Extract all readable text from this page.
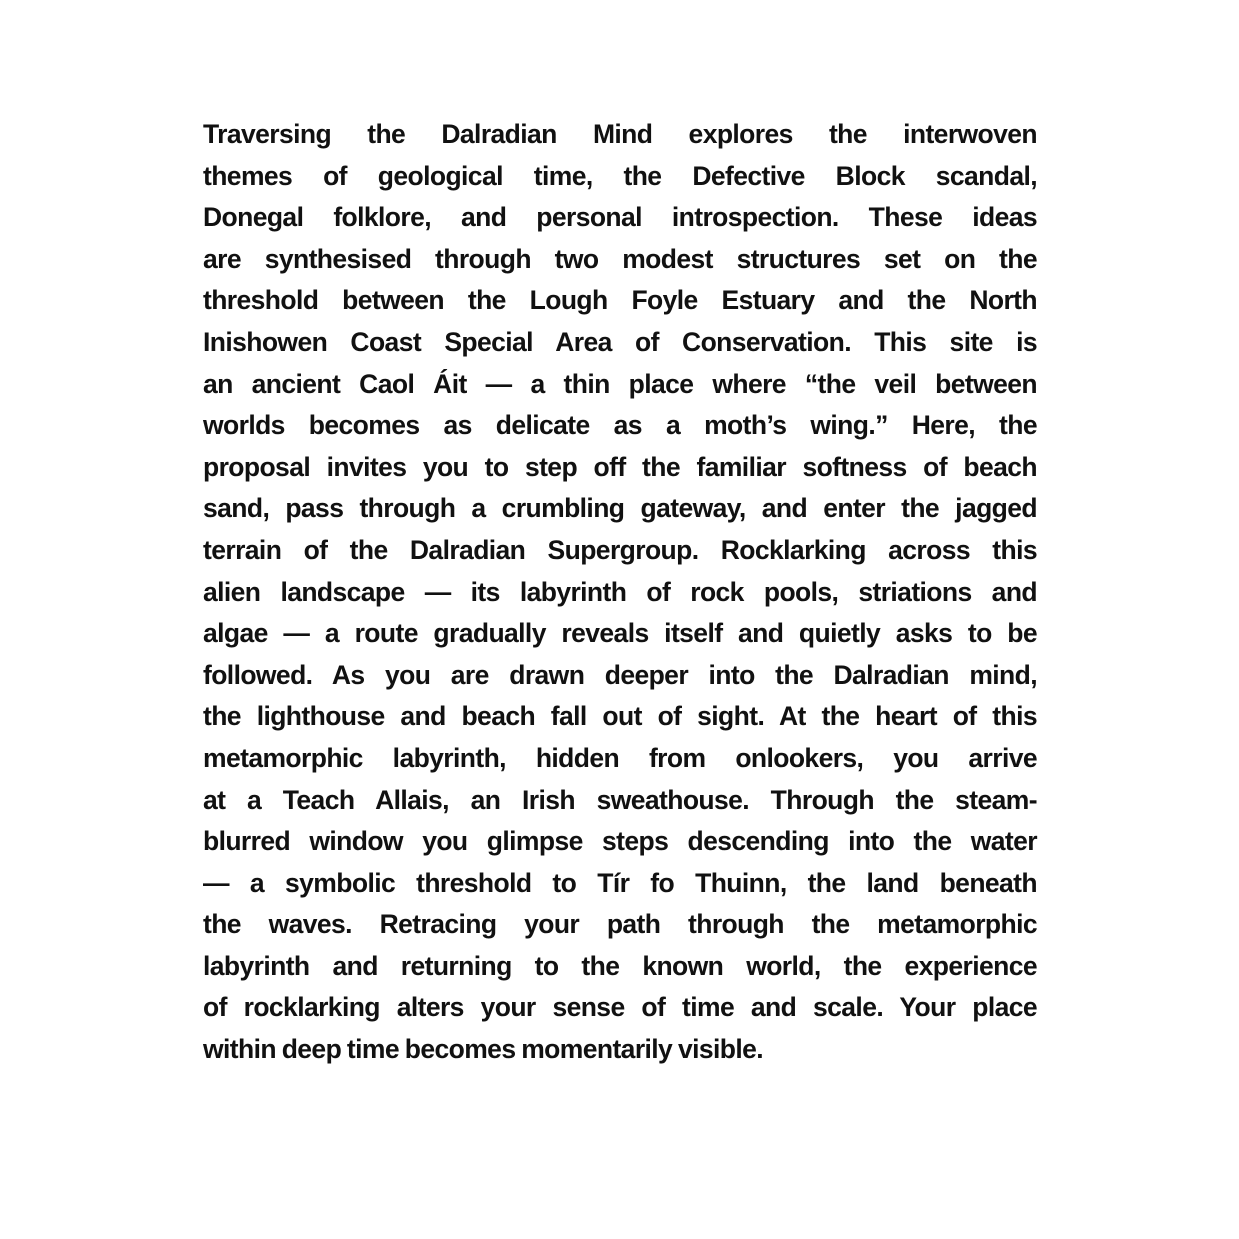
Traversing the Dalradian Mind explores the interwoven
themes of geological time, the Defective Block scandal,
Donegal folklore, and personal introspection. These ideas
are synthesised through two modest structures set on the
threshold between the Lough Foyle Estuary and the North
Inishowen Coast Special Area of Conservation. This site is
an ancient Caol Áit — a thin place where “the veil between
worlds becomes as delicate as a moth’s wing.” Here, the
proposal invites you to step off the familiar softness of beach
sand, pass through a crumbling gateway, and enter the jagged
terrain of the Dalradian Supergroup. Rocklarking across this
alien landscape — its labyrinth of rock pools, striations and
algae — a route gradually reveals itself and quietly asks to be
followed. As you are drawn deeper into the Dalradian mind,
the lighthouse and beach fall out of sight. At the heart of this
metamorphic labyrinth, hidden from onlookers, you arrive
at a Teach Allais, an Irish sweathouse. Through the steam-
blurred window you glimpse steps descending into the water
— a symbolic threshold to Tír fo Thuinn, the land beneath
the waves. Retracing your path through the metamorphic
labyrinth and returning to the known world, the experience
of rocklarking alters your sense of time and scale. Your place
within deep time becomes momentarily visible.
